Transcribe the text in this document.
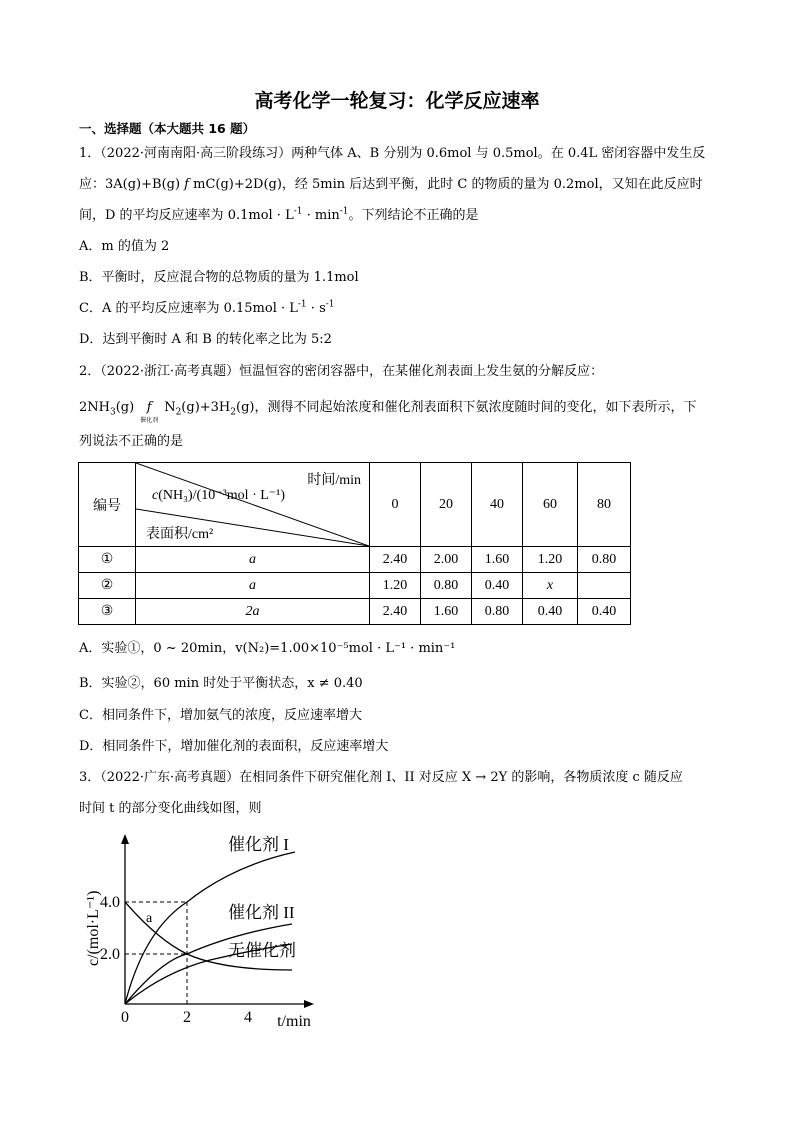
高考化学一轮复习：化学反应速率
一、选择题（本大题共 16 题）
1．（2022·河南南阳·高三阶段练习）两种气体 A、B 分别为 0.6mol 与 0.5mol。在 0.4L 密闭容器中发生反
应：3A(g)+B(g) f mC(g)+2D(g)，经 5min 后达到平衡，此时 C 的物质的量为 0.2mol，又知在此反应时
间，D 的平均反应速率为 $0.1mol \cdot L^{-1} \cdot \min^{-1}$。下列结论不正确的是
A．m 的值为 2
B．平衡时，反应混合物的总物质的量为 1.1mol
C．A 的平均反应速率为 $0.15mol \cdot L^{-1} \cdot s^{-1}$
D．达到平衡时 A 和 B 的转化率之比为 5:2
2．（2022·浙江·高考真题）恒温恒容的密闭容器中，在某催化剂表面上发生氨的分解反应：
$2NH_3(g)$ f
催化剂
$N_2(g)+3H_2(g)$，测得不同起始浓度和催化剂表面积下氨浓度随时间的变化，如下表所示，下
列说法不正确的是
编号	时间/min
c(NH₃)/(10⁻³mol · L⁻¹)
表面积/cm²	0	20	40	60	80
①	a	2.40	2.00	1.60	1.20	0.80
②	a	1.20	0.80	0.40	x	
③	2a	2.40	1.60	0.80	0.40	0.40
A．实验①，0 ~ 20min，v(N₂)=1.00×10⁻⁵mol · L⁻¹ · min⁻¹
B．实验②，60 min 时处于平衡状态，x ≠ 0.40
C．相同条件下，增加氨气的浓度，反应速率增大
D．相同条件下，增加催化剂的表面积，反应速率增大
3．（2022·广东·高考真题）在相同条件下研究催化剂 I、II 对反应 X → 2Y 的影响，各物质浓度 c 随反应
时间 t 的部分变化曲线如图，则
4.0
2.0
0	2	4 t/min
c/(mol·L⁻¹)
催化剂 I
催化剂 II
无催化剂
a
